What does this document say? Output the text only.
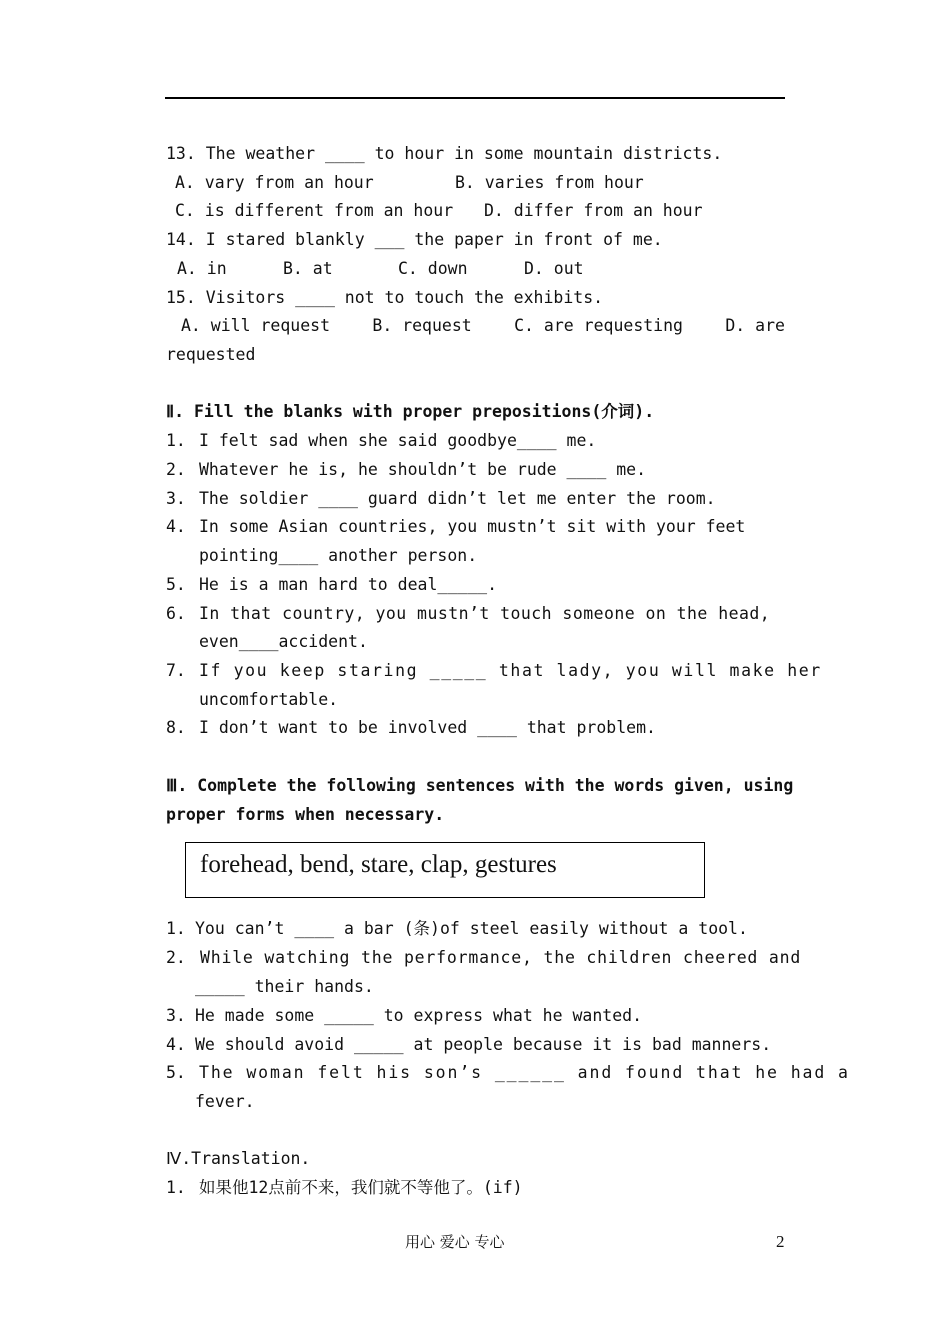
13. The weather ____ to hour in some mountain districts.
A. vary from an hour	B. varies from hour
C. is different from an hour D. differ from an hour
14. I stared blankly ___ the paper in front of me.
A. in	B. at	C. down	D. out
15. Visitors ____ not to touch the exhibits.
A. will request	B. request	C. are requesting	D. are
requested
Ⅱ. Fill the blanks with proper prepositions(介词).
1. I felt sad when she said goodbye____ me.
2. Whatever he is, he shouldn’t be rude ____ me.
3. The soldier ____ guard didn’t let me enter the room.
4. In some Asian countries, you mustn’t sit with your feet
pointing____ another person.
5. He is a man hard to deal_____.
6. In that country, you mustn’t touch someone on the head,
even____accident.
7. If you keep staring _____ that lady, you will make her
uncomfortable.
8. I don’t want to be involved ____ that problem.
Ⅲ. Complete the following sentences with the words given, using
proper forms when necessary.
forehead, bend, stare, clap, gestures
1. You can’t ____ a bar (条)of steel easily without a tool.
2. While watching the performance, the children cheered and
_____ their hands.
3. He made some _____ to express what he wanted.
4. We should avoid _____ at people because it is bad manners.
5. The woman felt his son’s ______ and found that he had a
fever.
Ⅳ.Translation.
1. 如果他12点前不来，我们就不等他了。(if)
用心 爱心 专心	2
